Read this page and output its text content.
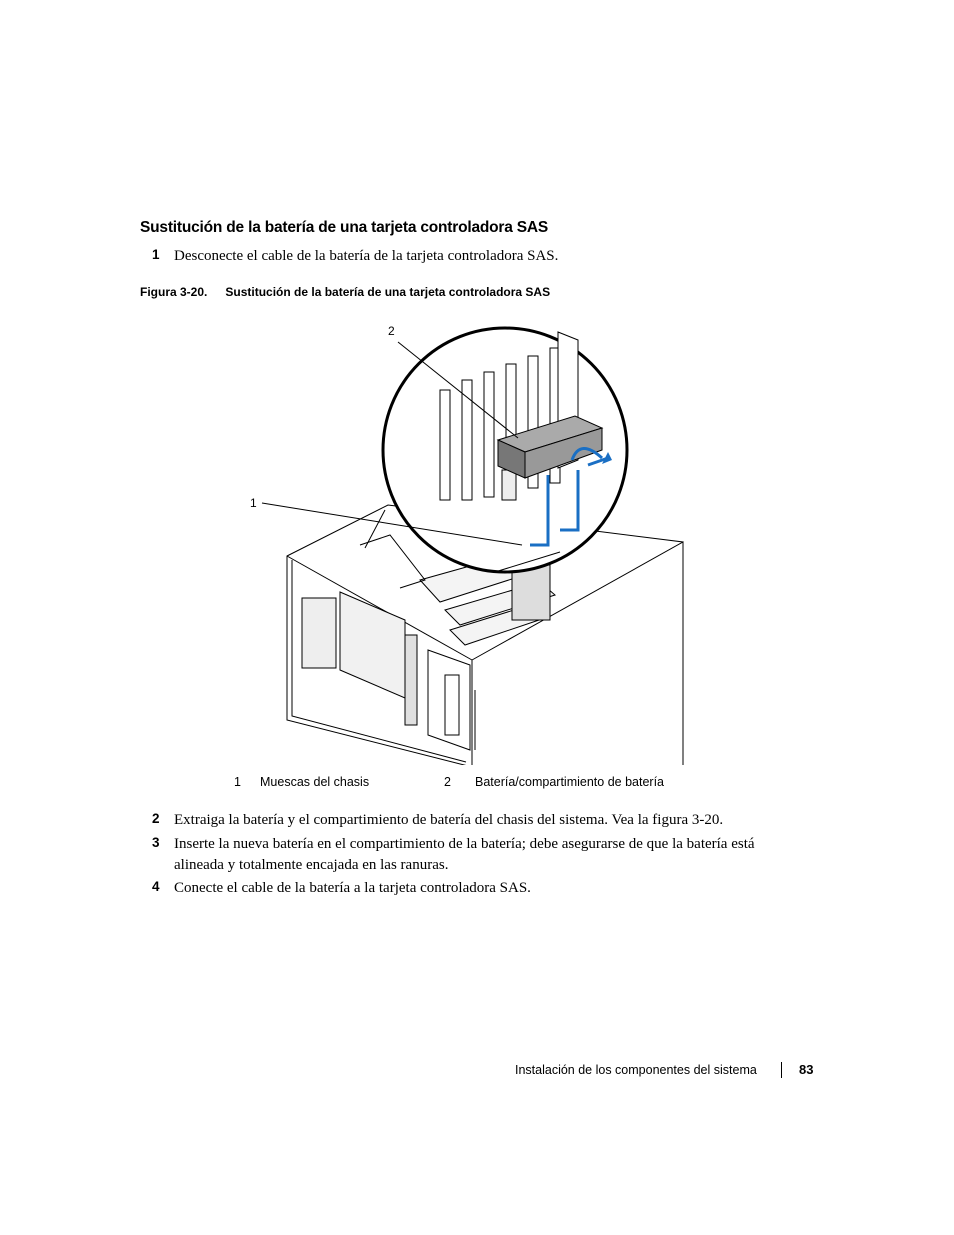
Sustitución de la batería de una tarjeta controladora SAS
1 Desconecte el cable de la batería de la tarjeta controladora SAS.
Figura 3-20. Sustitución de la batería de una tarjeta controladora SAS
2
1
1 Muescas del chasis	2 Batería/compartimiento de batería
2 Extraiga la batería y el compartimiento de batería del chasis del sistema. Vea la figura 3-20.
3 Inserte la nueva batería en el compartimiento de la batería; debe asegurarse de que la batería está alineada y totalmente encajada en las ranuras.
4 Conecte el cable de la batería a la tarjeta controladora SAS.
Instalación de los componentes del sistema	83
